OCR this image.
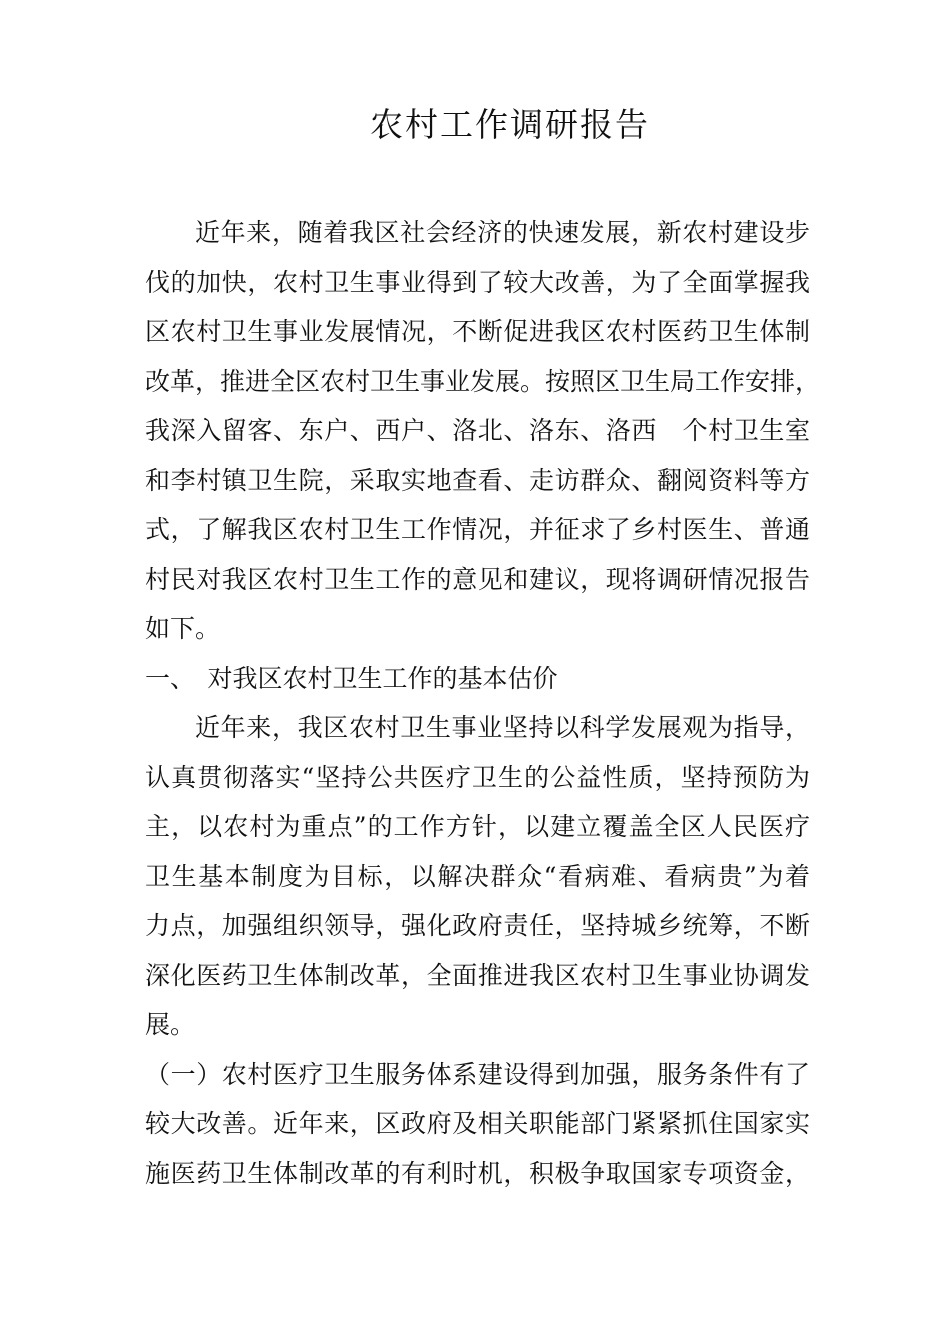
农村工作调研报告
近年来，随着我区社会经济的快速发展，新农村建设步
伐的加快，农村卫生事业得到了较大改善，为了全面掌握我
区农村卫生事业发展情况，不断促进我区农村医药卫生体制
改革，推进全区农村卫生事业发展。按照区卫生局工作安排，
我深入留客、东户、西户、洛北、洛东、洛西　个村卫生室
和李村镇卫生院，采取实地查看、走访群众、翻阅资料等方
式，了解我区农村卫生工作情况，并征求了乡村医生、普通
村民对我区农村卫生工作的意见和建议，现将调研情况报告
如下。
一、　对我区农村卫生工作的基本估价
近年来，我区农村卫生事业坚持以科学发展观为指导，
认真贯彻落实“坚持公共医疗卫生的公益性质，坚持预防为
主，以农村为重点”的工作方针，以建立覆盖全区人民医疗
卫生基本制度为目标，以解决群众“看病难、看病贵”为着
力点，加强组织领导，强化政府责任，坚持城乡统筹，不断
深化医药卫生体制改革，全面推进我区农村卫生事业协调发
展。
（一）农村医疗卫生服务体系建设得到加强，服务条件有了
较大改善。近年来，区政府及相关职能部门紧紧抓住国家实
施医药卫生体制改革的有利时机，积极争取国家专项资金，
